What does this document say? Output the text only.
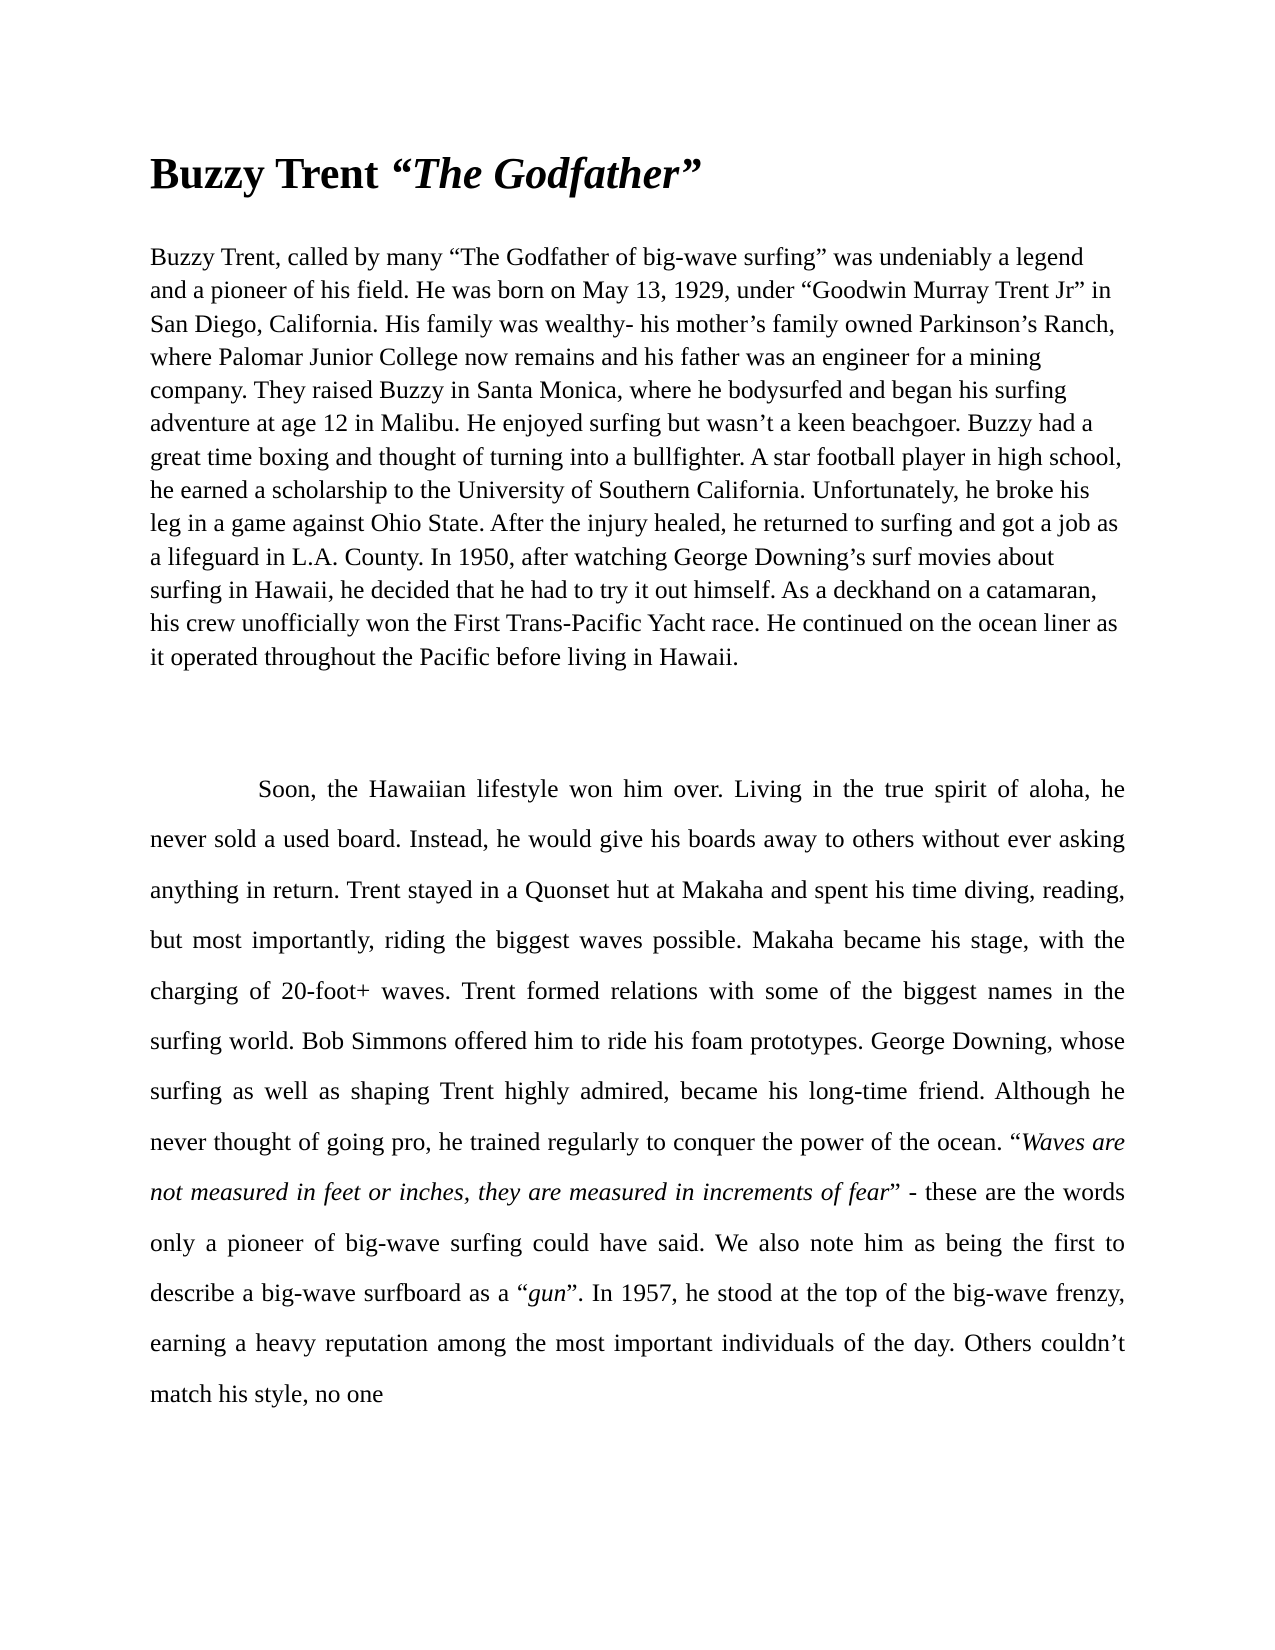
Buzzy Trent “The Godfather”

Buzzy Trent, called by many “The Godfather of big-wave surfing” was undeniably a legend and a pioneer of his field. He was born on May 13, 1929, under “Goodwin Murray Trent Jr” in San Diego, California. His family was wealthy- his mother’s family owned Parkinson’s Ranch, where Palomar Junior College now remains and his father was an engineer for a mining company. They raised Buzzy in Santa Monica, where he bodysurfed and began his surfing adventure at age 12 in Malibu. He enjoyed surfing but wasn’t a keen beachgoer. Buzzy had a great time boxing and thought of turning into a bullfighter. A star football player in high school, he earned a scholarship to the University of Southern California. Unfortunately, he broke his leg in a game against Ohio State. After the injury healed, he returned to surfing and got a job as a lifeguard in L.A. County. In 1950, after watching George Downing’s surf movies about surfing in Hawaii, he decided that he had to try it out himself. As a deckhand on a catamaran, his crew unofficially won the First Trans-Pacific Yacht race. He continued on the ocean liner as it operated throughout the Pacific before living in Hawaii.

Soon, the Hawaiian lifestyle won him over. Living in the true spirit of aloha, he never sold a used board. Instead, he would give his boards away to others without ever asking anything in return. Trent stayed in a Quonset hut at Makaha and spent his time diving, reading, but most importantly, riding the biggest waves possible. Makaha became his stage, with the charging of 20-foot+ waves. Trent formed relations with some of the biggest names in the surfing world. Bob Simmons offered him to ride his foam prototypes. George Downing, whose surfing as well as shaping Trent highly admired, became his long-time friend. Although he never thought of going pro, he trained regularly to conquer the power of the ocean. “Waves are not measured in feet or inches, they are measured in increments of fear” - these are the words only a pioneer of big-wave surfing could have said. We also note him as being the first to describe a big-wave surfboard as a “gun”. In 1957, he stood at the top of the big-wave frenzy, earning a heavy reputation among the most important individuals of the day. Others couldn’t match his style, no one
